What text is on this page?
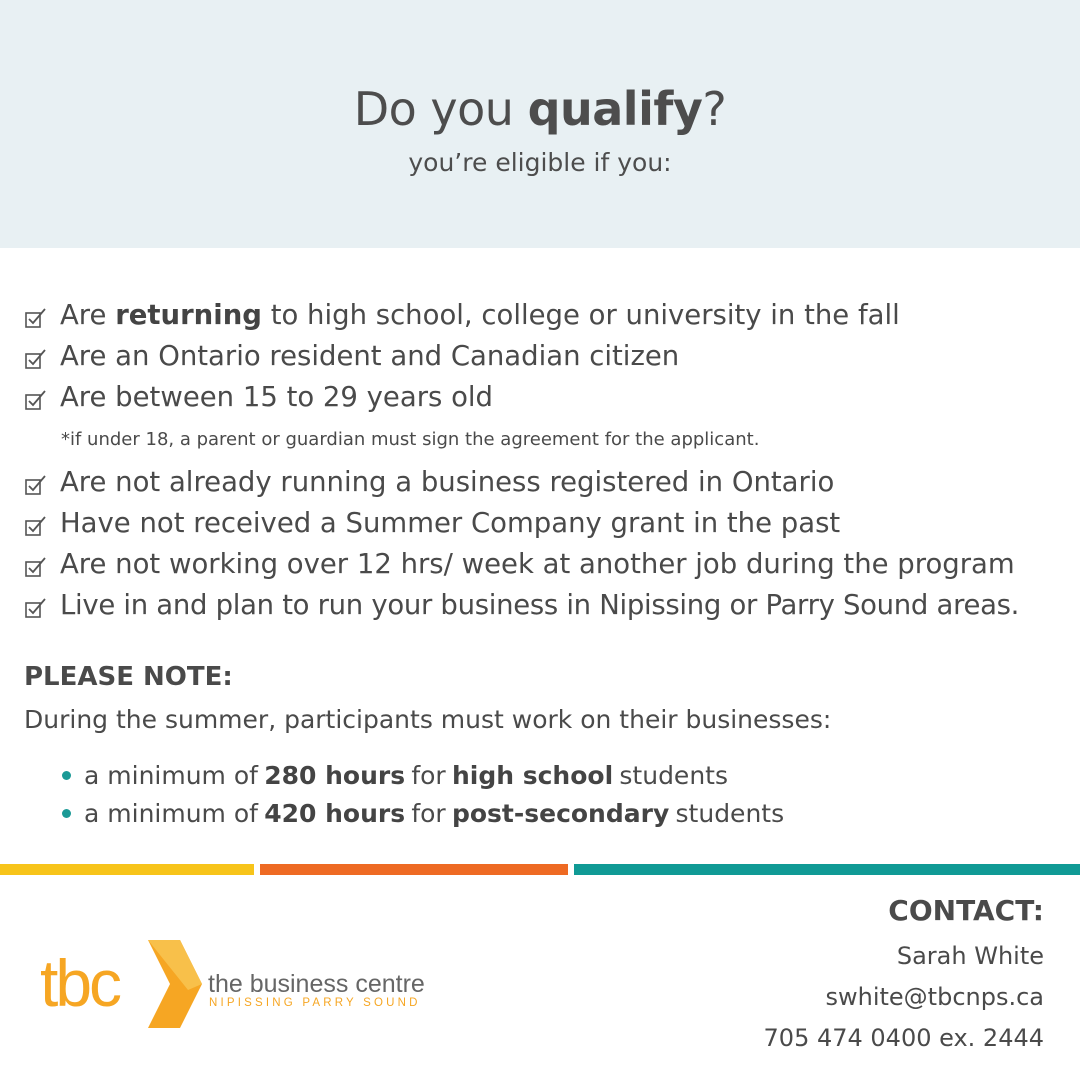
Do you qualify?
you’re eligible if you:
Are returning to high school, college or university in the fall
Are an Ontario resident and Canadian citizen
Are between 15 to 29 years old
*if under 18, a parent or guardian must sign the agreement for the applicant.
Are not already running a business registered in Ontario
Have not received a Summer Company grant in the past
Are not working over 12 hrs/ week at another job during the program
Live in and plan to run your business in Nipissing or Parry Sound areas.
PLEASE NOTE:
During the summer, participants must work on their businesses:
a minimum of 280 hours for high school students
a minimum of 420 hours for post-secondary students
tbc	the business centre
NIPISSING PARRY SOUND
CONTACT:
Sarah White
swhite@tbcnps.ca
705 474 0400 ex. 2444
